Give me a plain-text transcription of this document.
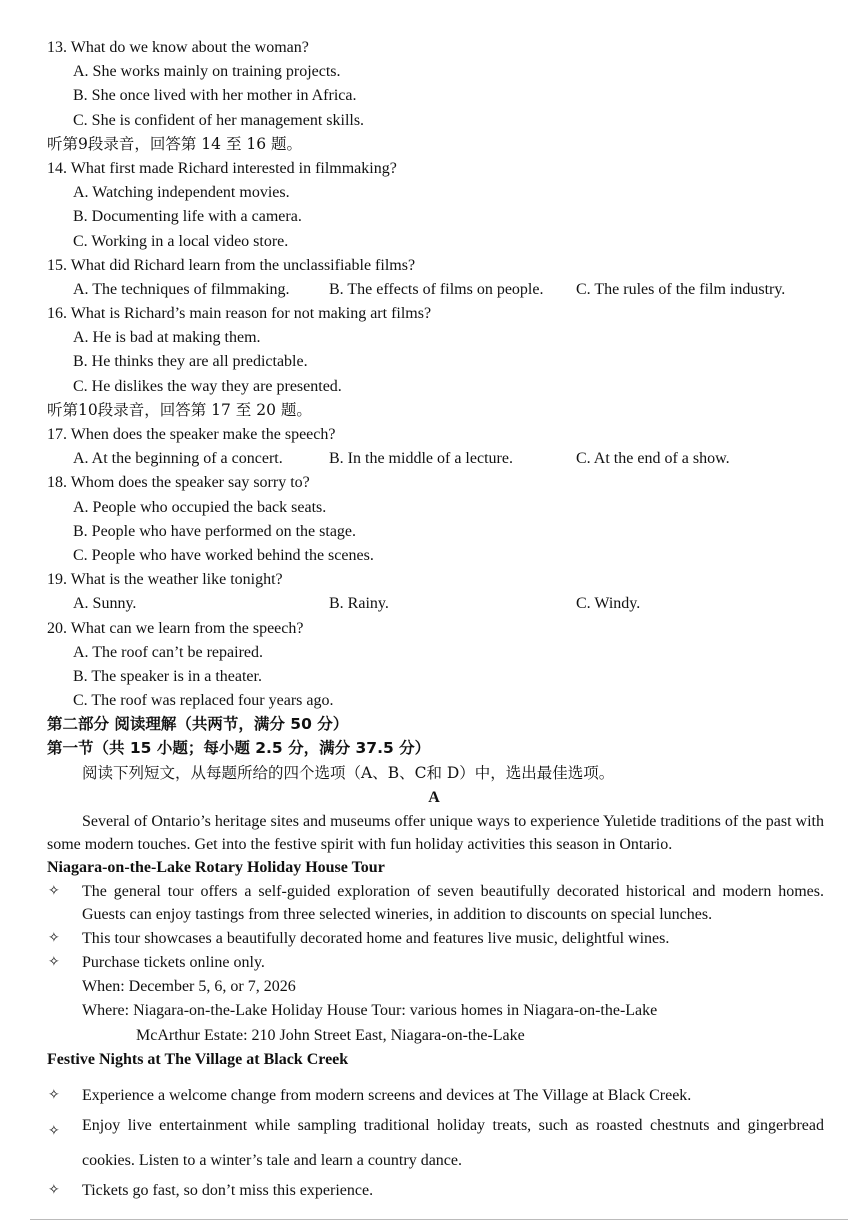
13. What do we know about the woman?
A. She works mainly on training projects.
B. She once lived with her mother in Africa.
C. She is confident of her management skills.
听第9段录音，回答第 14 至 16 题。
14. What first made Richard interested in filmmaking?
A. Watching independent movies.
B. Documenting life with a camera.
C. Working in a local video store.
15. What did Richard learn from the unclassifiable films?
A. The techniques of filmmaking. B. The effects of films on people. C. The rules of the film industry.
16. What is Richard’s main reason for not making art films?
A. He is bad at making them.
B. He thinks they are all predictable.
C. He dislikes the way they are presented.
听第10段录音，回答第 17 至 20 题。
17. When does the speaker make the speech?
A. At the beginning of a concert.	B. In the middle of a lecture.	C. At the end of a show.
18. Whom does the speaker say sorry to?
A. People who occupied the back seats.
B. People who have performed on the stage.
C. People who have worked behind the scenes.
19. What is the weather like tonight?
A. Sunny.	B. Rainy.	C. Windy.
20. What can we learn from the speech?
A. The roof can’t be repaired.
B. The speaker is in a theater.
C. The roof was replaced four years ago.
第二部分 阅读理解（共两节，满分 50 分）
第一节（共 15 小题；每小题 2.5 分，满分 37.5 分）
阅读下列短文，从每题所给的四个选项（A、B、C和 D）中，选出最佳选项。
A
Several of Ontario’s heritage sites and museums offer unique ways to experience Yuletide traditions of the past with some modern touches. Get into the festive spirit with fun holiday activities this season in Ontario.
Niagara-on-the-Lake Rotary Holiday House Tour
✧ The general tour offers a self-guided exploration of seven beautifully decorated historical and modern homes. Guests can enjoy tastings from three selected wineries, in addition to discounts on special lunches.
✧ This tour showcases a beautifully decorated home and features live music, delightful wines.
✧ Purchase tickets online only.
When: December 5, 6, or 7, 2026
Where: Niagara-on-the-Lake Holiday House Tour: various homes in Niagara-on-the-Lake
McArthur Estate: 210 John Street East, Niagara-on-the-Lake
Festive Nights at The Village at Black Creek
✧ Experience a welcome change from modern screens and devices at The Village at Black Creek.
✧ Enjoy live entertainment while sampling traditional holiday treats, such as roasted chestnuts and gingerbread cookies. Listen to a winter’s tale and learn a country dance.
✧ Tickets go fast, so don’t miss this experience.
